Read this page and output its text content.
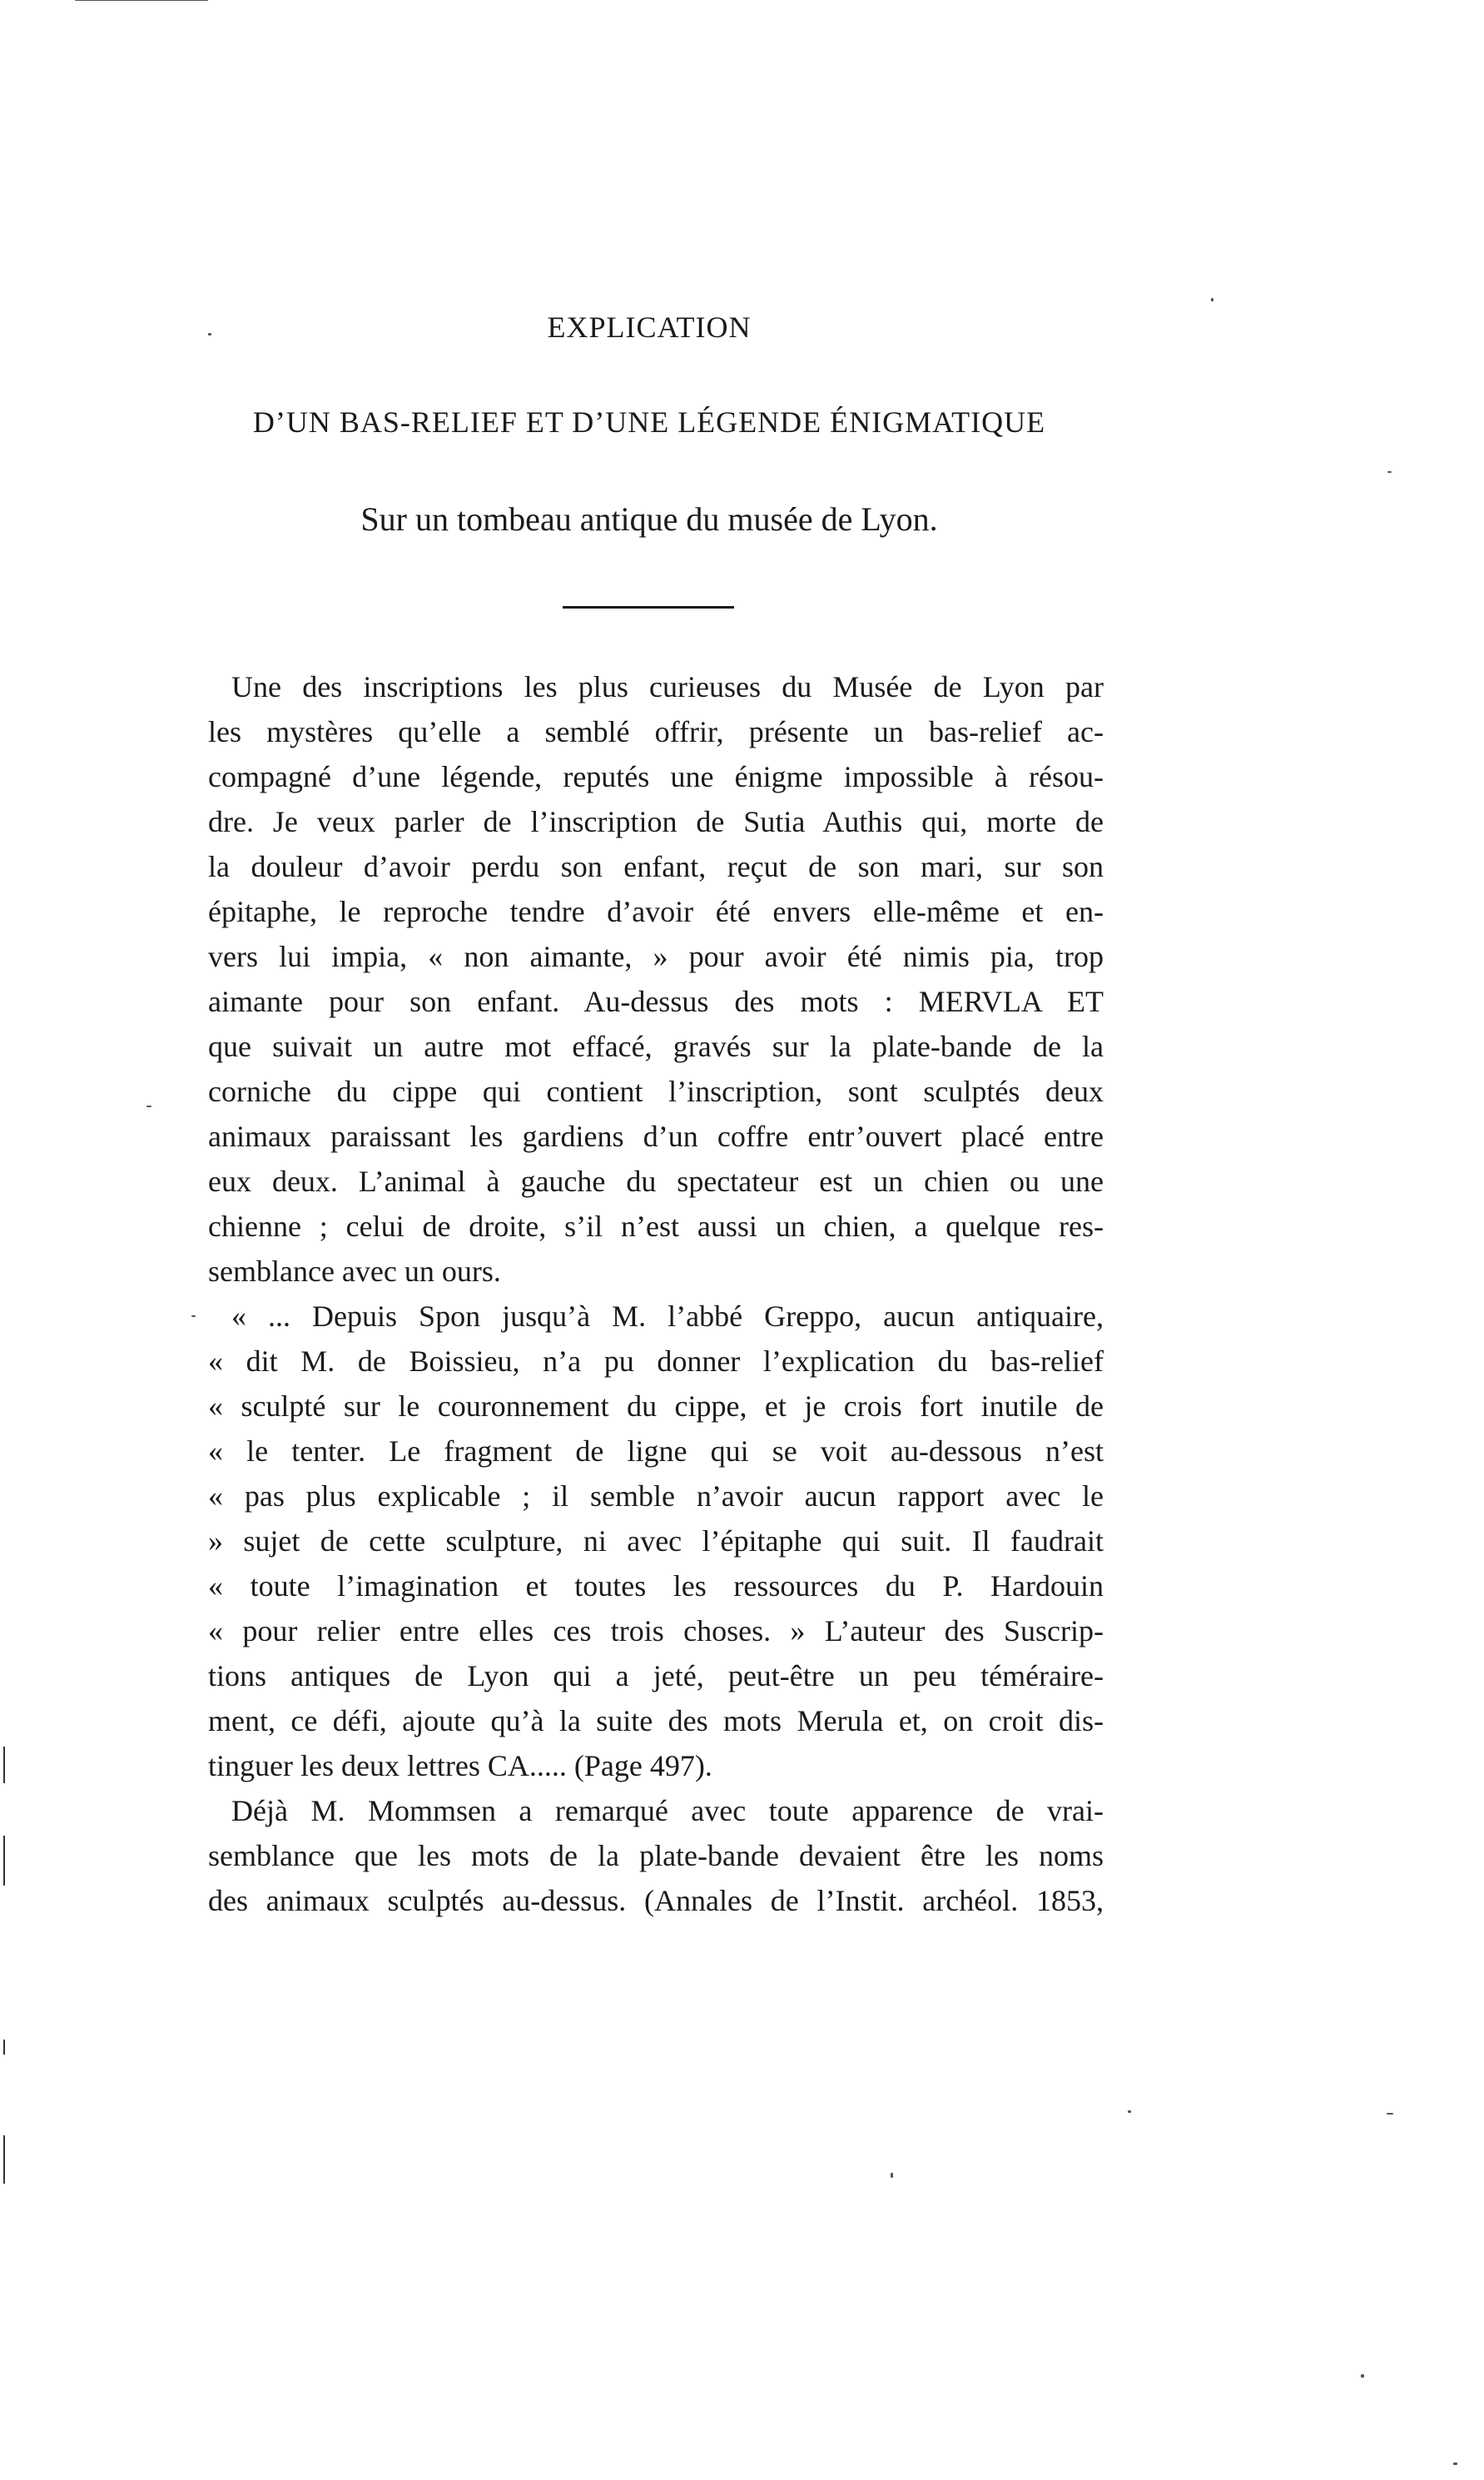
EXPLICATION
D’UN BAS-RELIEF ET D’UNE LÉGENDE ÉNIGMATIQUE
Sur un tombeau antique du musée de Lyon.
Une des inscriptions les plus curieuses du Musée de Lyon par
les mystères qu’elle a semblé offrir, présente un bas-relief ac-
compagné d’une légende, reputés une énigme impossible à résou-
dre. Je veux parler de l’inscription de Sutia Authis qui, morte de
la douleur d’avoir perdu son enfant, reçut de son mari, sur son
épitaphe, le reproche tendre d’avoir été envers elle-même et en-
vers lui impia, « non aimante, » pour avoir été nimis pia, trop
aimante pour son enfant. Au-dessus des mots : MERVLA ET
que suivait un autre mot effacé, gravés sur la plate-bande de la
corniche du cippe qui contient l’inscription, sont sculptés deux
animaux paraissant les gardiens d’un coffre entr’ouvert placé entre
eux deux. L’animal à gauche du spectateur est un chien ou une
chienne ; celui de droite, s’il n’est aussi un chien, a quelque res-
semblance avec un ours.
« ... Depuis Spon jusqu’à M. l’abbé Greppo, aucun antiquaire,
« dit M. de Boissieu, n’a pu donner l’explication du bas-relief
« sculpté sur le couronnement du cippe, et je crois fort inutile de
« le tenter. Le fragment de ligne qui se voit au-dessous n’est
« pas plus explicable ; il semble n’avoir aucun rapport avec le
» sujet de cette sculpture, ni avec l’épitaphe qui suit. Il faudrait
« toute l’imagination et toutes les ressources du P. Hardouin
« pour relier entre elles ces trois choses. » L’auteur des Suscrip-
tions antiques de Lyon qui a jeté, peut-être un peu téméraire-
ment, ce défi, ajoute qu’à la suite des mots Merula et, on croit dis-
tinguer les deux lettres CA..... (Page 497).
Déjà M. Mommsen a remarqué avec toute apparence de vrai-
semblance que les mots de la plate-bande devaient être les noms
des animaux sculptés au-dessus. (Annales de l’Instit. archéol. 1853,
